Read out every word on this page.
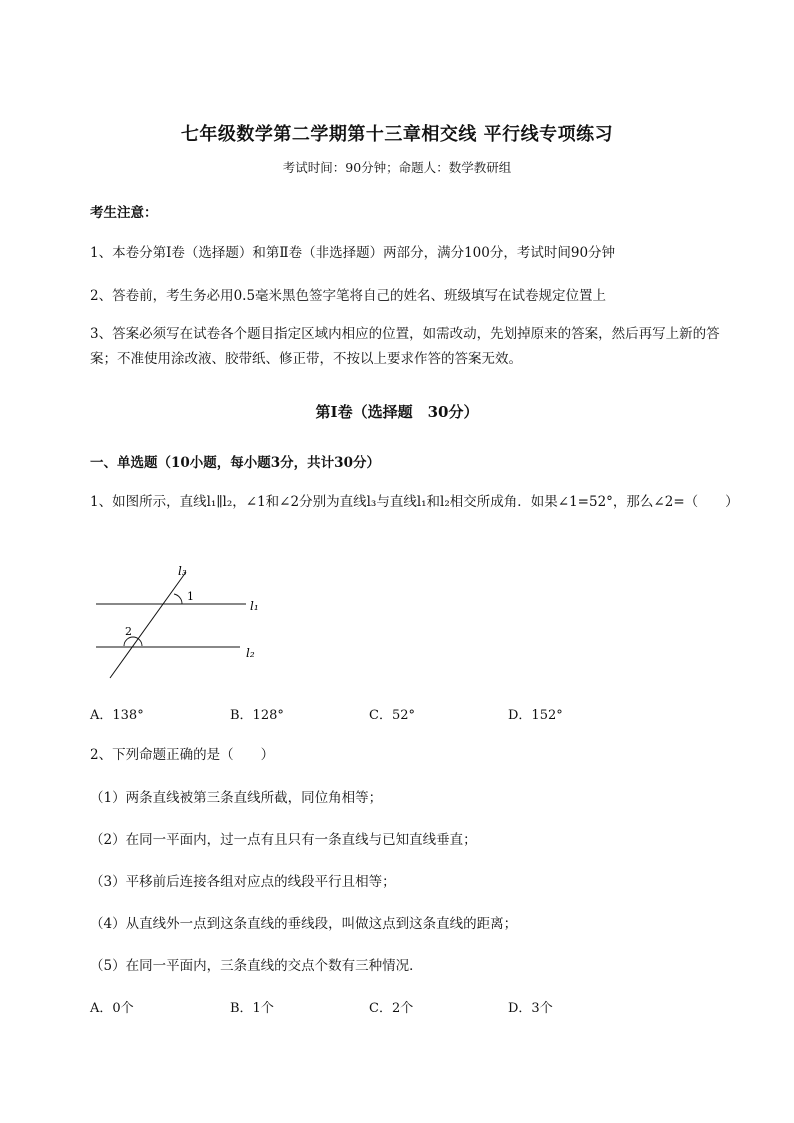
七年级数学第二学期第十三章相交线 平行线专项练习
考试时间：90分钟；命题人：数学教研组
考生注意：
1、本卷分第I卷（选择题）和第Ⅱ卷（非选择题）两部分，满分100分，考试时间90分钟
2、答卷前，考生务必用0.5毫米黑色签字笔将自己的姓名、班级填写在试卷规定位置上
3、答案必须写在试卷各个题目指定区域内相应的位置，如需改动，先划掉原来的答案，然后再写上新的答案；不准使用涂改液、胶带纸、修正带，不按以上要求作答的答案无效。
第I卷（选择题　30分）
一、单选题（10小题，每小题3分，共计30分）
1、如图所示，直线l₁∥l₂，∠1和∠2分别为直线l₃与直线l₁和l₂相交所成角．如果∠1=52°，那么∠2=（　　）
l₃
l₁
l₂
1
2
A．138°	B．128°	C．52°	D．152°
2、下列命题正确的是（　　）
（1）两条直线被第三条直线所截，同位角相等；
（2）在同一平面内，过一点有且只有一条直线与已知直线垂直；
（3）平移前后连接各组对应点的线段平行且相等；
（4）从直线外一点到这条直线的垂线段，叫做这点到这条直线的距离；
（5）在同一平面内，三条直线的交点个数有三种情况．
A．0个	B．1个	C．2个	D．3个
